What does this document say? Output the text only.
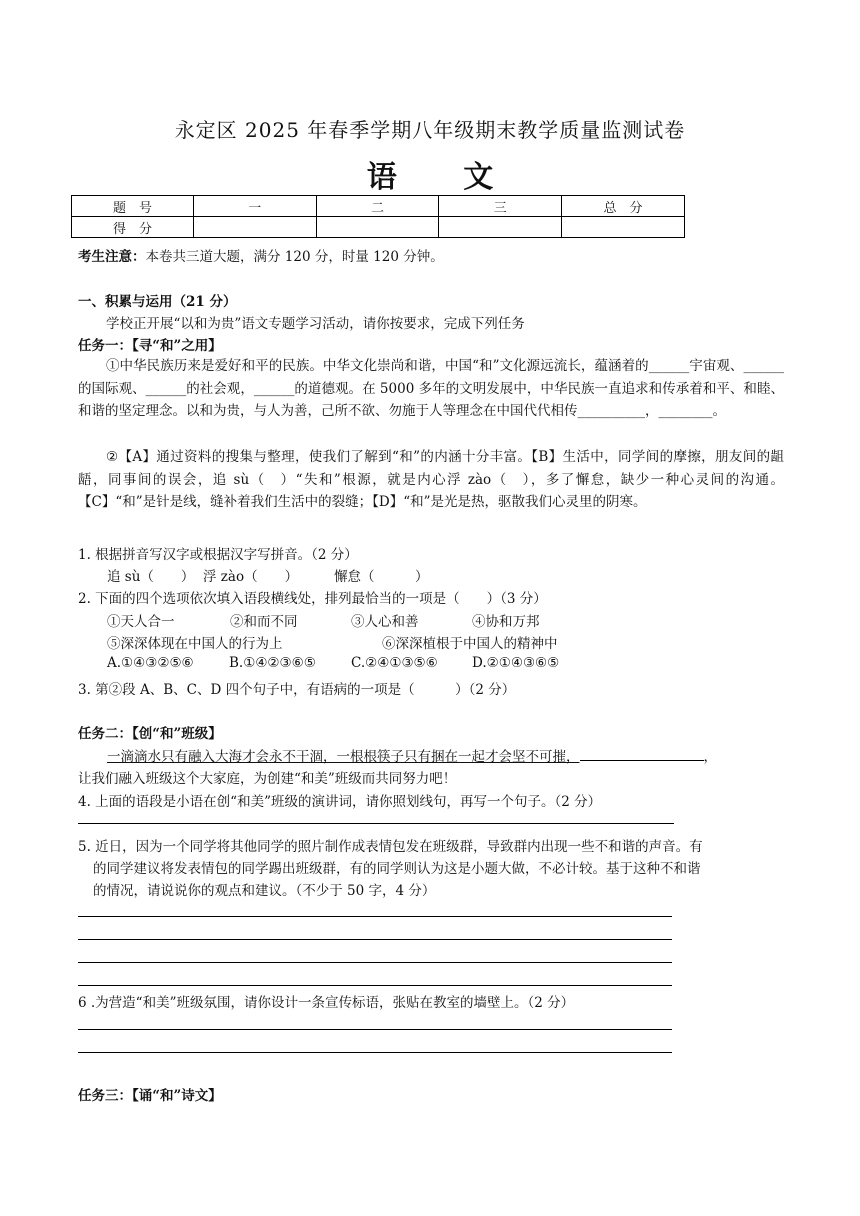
永定区 2025 年春季学期八年级期末教学质量监测试卷
语 文
题　号	一	二	三	总　分
得　分				
考生注意：本卷共三道大题，满分 120 分，时量 120 分钟。
一、积累与运用（21 分）
学校正开展“以和为贵”语文专题学习活动，请你按要求，完成下列任务
任务一：【寻“和”之用】
①中华民族历来是爱好和平的民族。中华文化崇尚和谐，中国“和”文化源远流长，蕴涵着的______宇宙观、______的国际观、______的社会观，______的道德观。在 5000 多年的文明发展中，中华民族一直追求和传承着和平、和睦、和谐的坚定理念。以和为贵，与人为善，己所不欲、勿施于人等理念在中国代代相传__________，________。
②【A】通过资料的搜集与整理，使我们了解到“和”的内涵十分丰富。【B】生活中，同学间的摩擦，朋友间的龃龉，同事间的误会，追 sù（　）“失和”根源，就是内心浮 zào（　），多了懈怠，缺少一种心灵间的沟通。【C】“和”是针是线，缝补着我们生活中的裂缝；【D】“和”是光是热，驱散我们心灵里的阴寒。
1. 根据拼音写汉字或根据汉字写拼音。（2 分）
追 sù（　　） 浮 zào（　　）	懈怠（　　　）
2. 下面的四个选项依次填入语段横线处，排列最恰当的一项是（　　）（3 分）
①天人合一	②和而不同	③人心和善	④协和万邦
⑤深深体现在中国人的行为上	⑥深深植根于中国人的精神中
A.①④③②⑤⑥	B.①④②③⑥⑤	C.②④①③⑤⑥	D.②①④③⑥⑤
3. 第②段 A、B、C、D 四个句子中，有语病的一项是（　　　）（2 分）
任务二：【创“和”班级】
一滴滴水只有融入大海才会永不干涸，一根根筷子只有捆在一起才会坚不可摧，	，
让我们融入班级这个大家庭，为创建“和美”班级而共同努力吧！
4. 上面的语段是小语在创“和美”班级的演讲词，请你照划线句，再写一个句子。（2 分）
5. 近日，因为一个同学将其他同学的照片制作成表情包发在班级群，导致群内出现一些不和谐的声音。有
的同学建议将发表情包的同学踢出班级群，有的同学则认为这是小题大做，不必计较。基于这种不和谐
的情况，请说说你的观点和建议。（不少于 50 字，4 分）
6 .为营造“和美”班级氛围，请你设计一条宣传标语，张贴在教室的墙壁上。（2 分）
任务三：【诵“和”诗文】
